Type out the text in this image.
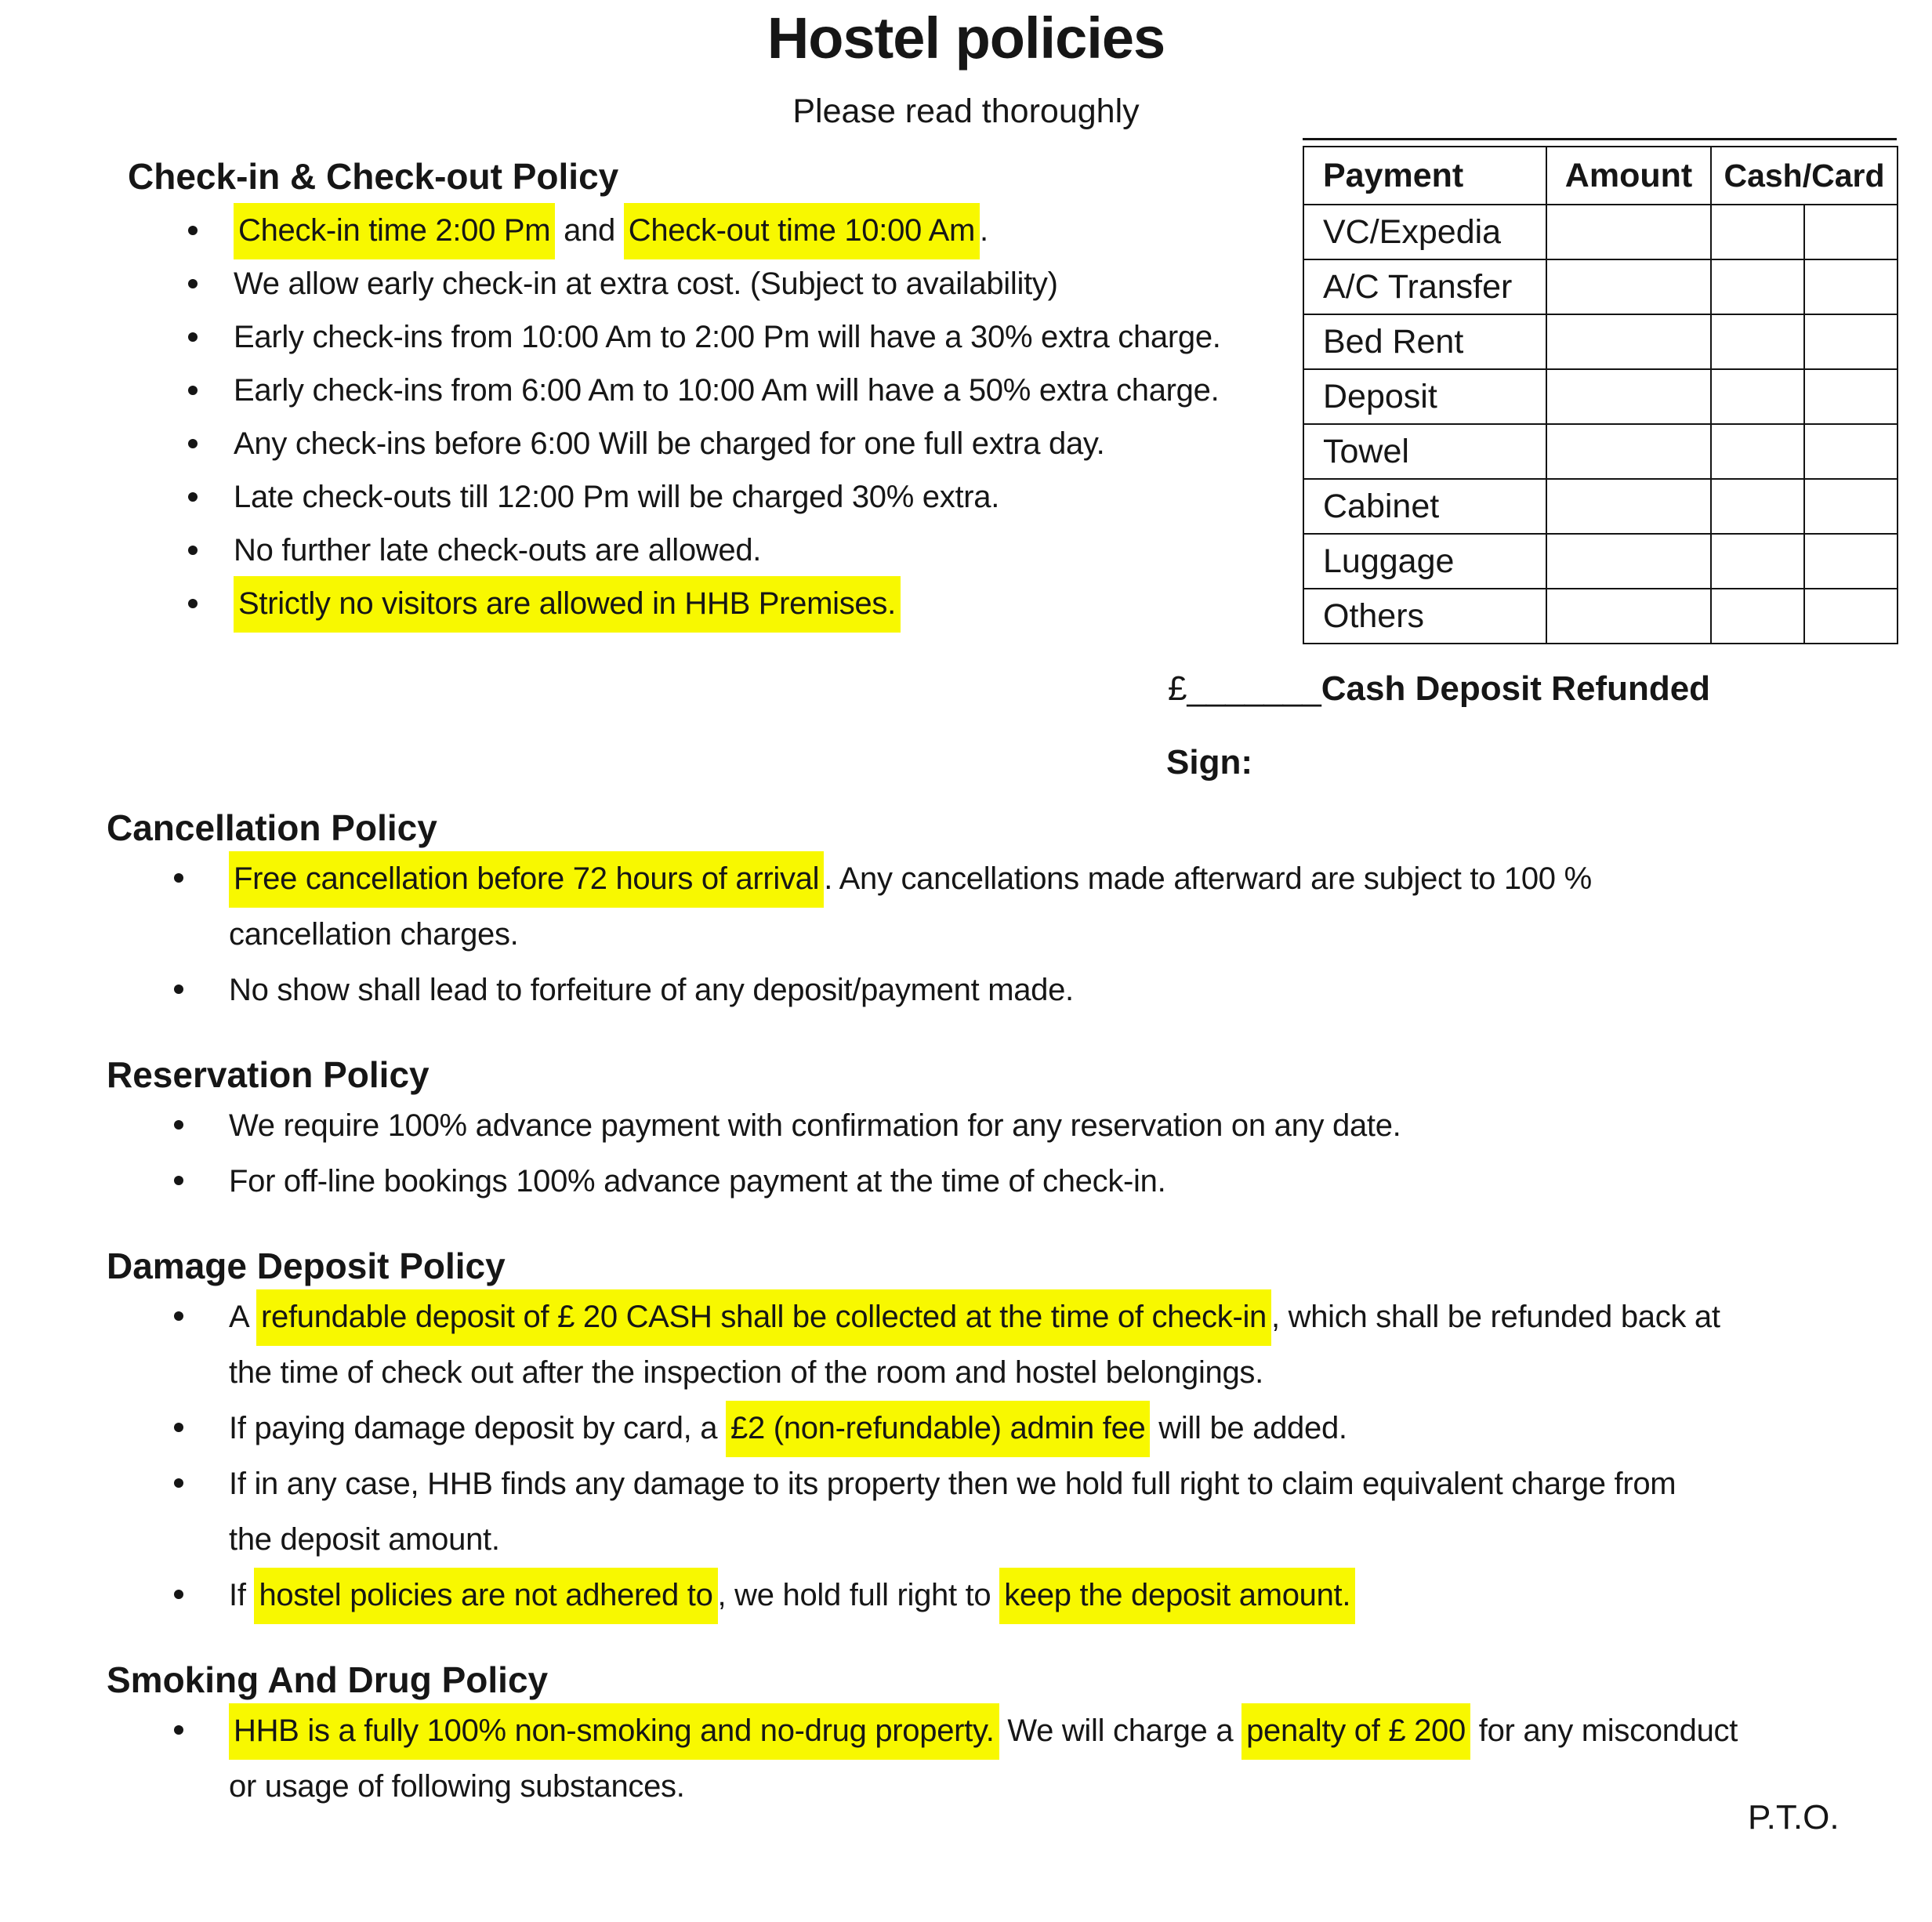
Hostel policies
Please read thoroughly
Check-in & Check-out Policy
Check-in time 2:00 Pm and Check-out time 10:00 Am .
We allow early check-in at extra cost. (Subject to availability)
Early check-ins from 10:00 Am to 2:00 Pm will have a 30% extra charge.
Early check-ins from 6:00 Am to 10:00 Am will have a 50% extra charge.
Any check-ins before 6:00 Will be charged for one full extra day.
Late check-outs till 12:00 Pm will be charged 30% extra.
No further late check-outs are allowed.
Strictly no visitors are allowed in HHB Premises.
Payment	Amount	Cash/Card	
VC/Expedia			
A/C Transfer			
Bed Rent			
Deposit			
Towel			
Cabinet			
Luggage			
Others			
£_______Cash Deposit Refunded
Sign:
Cancellation Policy
Free cancellation before 72 hours of arrival . Any cancellations made afterward are subject to 100 %
cancellation charges.
No show shall lead to forfeiture of any deposit/payment made.
Reservation Policy
We require 100% advance payment with confirmation for any reservation on any date.
For off-line bookings 100% advance payment at the time of check-in.
Damage Deposit Policy
A refundable deposit of £ 20 CASH shall be collected at the time of check-in , which shall be refunded back at
the time of check out after the inspection of the room and hostel belongings.
If paying damage deposit by card, a £2 (non-refundable) admin fee will be added.
If in any case, HHB finds any damage to its property then we hold full right to claim equivalent charge from
the deposit amount.
If hostel policies are not adhered to , we hold full right to keep the deposit amount.
Smoking And Drug Policy
HHB is a fully 100% non-smoking and no-drug property. We will charge a penalty of £ 200 for any misconduct
or usage of following substances.
P.T.O.
